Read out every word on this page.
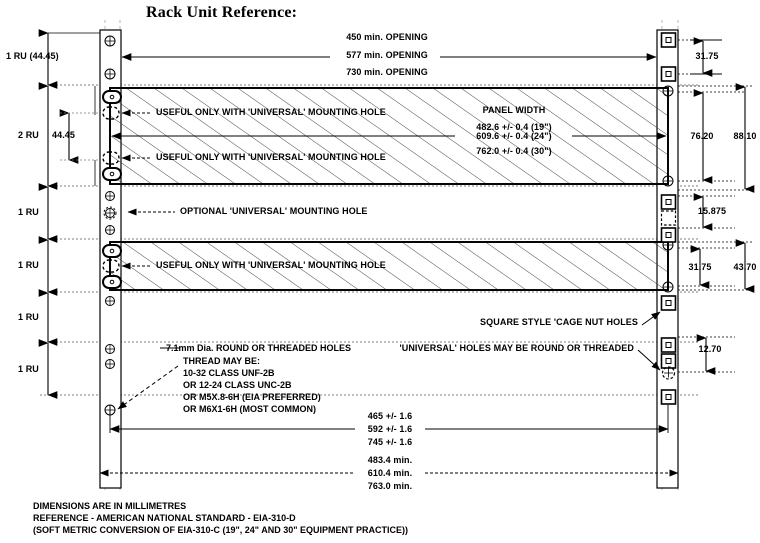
Rack Unit Reference:
1 RU (44.45)
2 RU 44.45
1 RU
1 RU
1 RU
1 RU
450 min. OPENING
577 min. OPENING
730 min. OPENING
PANEL WIDTH
482.6 +/- 0.4 (19")
609.6 +/- 0.4 (24")
762.0 +/- 0.4 (30")
USEFUL ONLY WITH 'UNIVERSAL' MOUNTING HOLE
USEFUL ONLY WITH 'UNIVERSAL' MOUNTING HOLE
OPTIONAL 'UNIVERSAL' MOUNTING HOLE
USEFUL ONLY WITH 'UNIVERSAL' MOUNTING HOLE
SQUARE STYLE 'CAGE NUT HOLES
'UNIVERSAL' HOLES MAY BE ROUND OR THREADED
7.1mm Dia. ROUND OR THREADED HOLES
THREAD MAY BE:
10-32 CLASS UNF-2B
OR 12-24 CLASS UNC-2B
OR M5X.8-6H (EIA PREFERRED)
OR M6X1-6H (MOST COMMON)
465 +/- 1.6
592 +/- 1.6
745 +/- 1.6
483.4 min.
610.4 min.
763.0 min.
31.75
76.20 88.10
15.875
31.75 43.70
12.70
DIMENSIONS ARE IN MILLIMETRES
REFERENCE - AMERICAN NATIONAL STANDARD - EIA-310-D
(SOFT METRIC CONVERSION OF EIA-310-C (19", 24" AND 30" EQUIPMENT PRACTICE))
